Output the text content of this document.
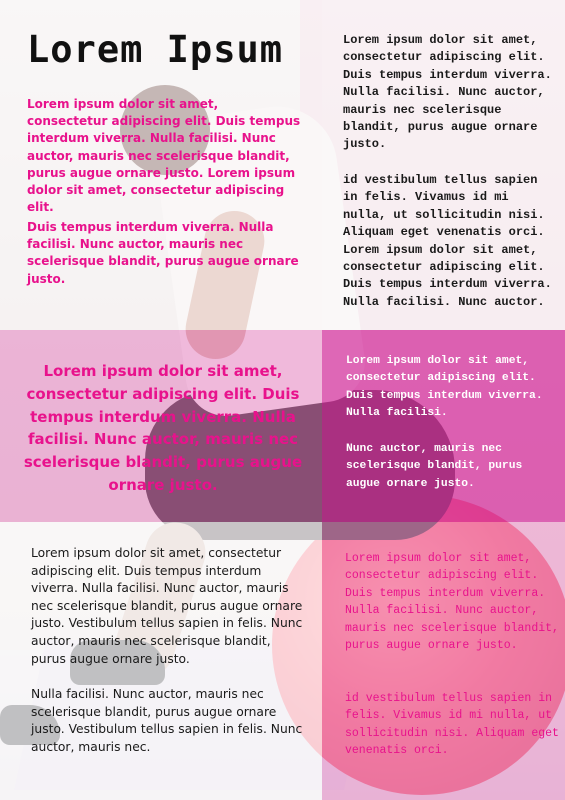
Lorem Ipsum

Lorem ipsum dolor sit amet, consectetur adipiscing elit. Duis tempus interdum viverra. Nulla facilisi. Nunc auctor, mauris nec scelerisque blandit, purus augue ornare justo. Lorem ipsum dolor sit amet, consectetur adipiscing elit.

Duis tempus interdum viverra. Nulla facilisi. Nunc auctor, mauris nec scelerisque blandit, purus augue ornare justo.

Lorem ipsum dolor sit amet, consectetur adipiscing elit. Duis tempus interdum viverra. Nulla facilisi. Nunc auctor, mauris nec scelerisque blandit, purus augue ornare justo.

id vestibulum tellus sapien in felis. Vivamus id mi nulla, ut sollicitudin nisi. Aliquam eget venenatis orci. Lorem ipsum dolor sit amet, consectetur adipiscing elit. Duis tempus interdum viverra. Nulla facilisi. Nunc auctor.

Lorem ipsum dolor sit amet, consectetur adipiscing elit. Duis tempus interdum viverra. Nulla facilisi. Nunc auctor, mauris nec scelerisque blandit, purus augue ornare justo.

Lorem ipsum dolor sit amet, consectetur adipiscing elit. Duis tempus interdum viverra. Nulla facilisi.

Nunc auctor, mauris nec scelerisque blandit, purus augue ornare justo.

Lorem ipsum dolor sit amet, consectetur adipiscing elit. Duis tempus interdum viverra. Nulla facilisi. Nunc auctor, mauris nec scelerisque blandit, purus augue ornare justo. Vestibulum tellus sapien in felis. Nunc auctor, mauris nec scelerisque blandit, purus augue ornare justo.

Nulla facilisi. Nunc auctor, mauris nec scelerisque blandit, purus augue ornare justo. Vestibulum tellus sapien in felis. Nunc auctor, mauris nec.

Lorem ipsum dolor sit amet, consectetur adipiscing elit. Duis tempus interdum viverra. Nulla facilisi. Nunc auctor, mauris nec scelerisque blandit, purus augue ornare justo.

id vestibulum tellus sapien in felis. Vivamus id mi nulla, ut sollicitudin nisi. Aliquam eget venenatis orci.
